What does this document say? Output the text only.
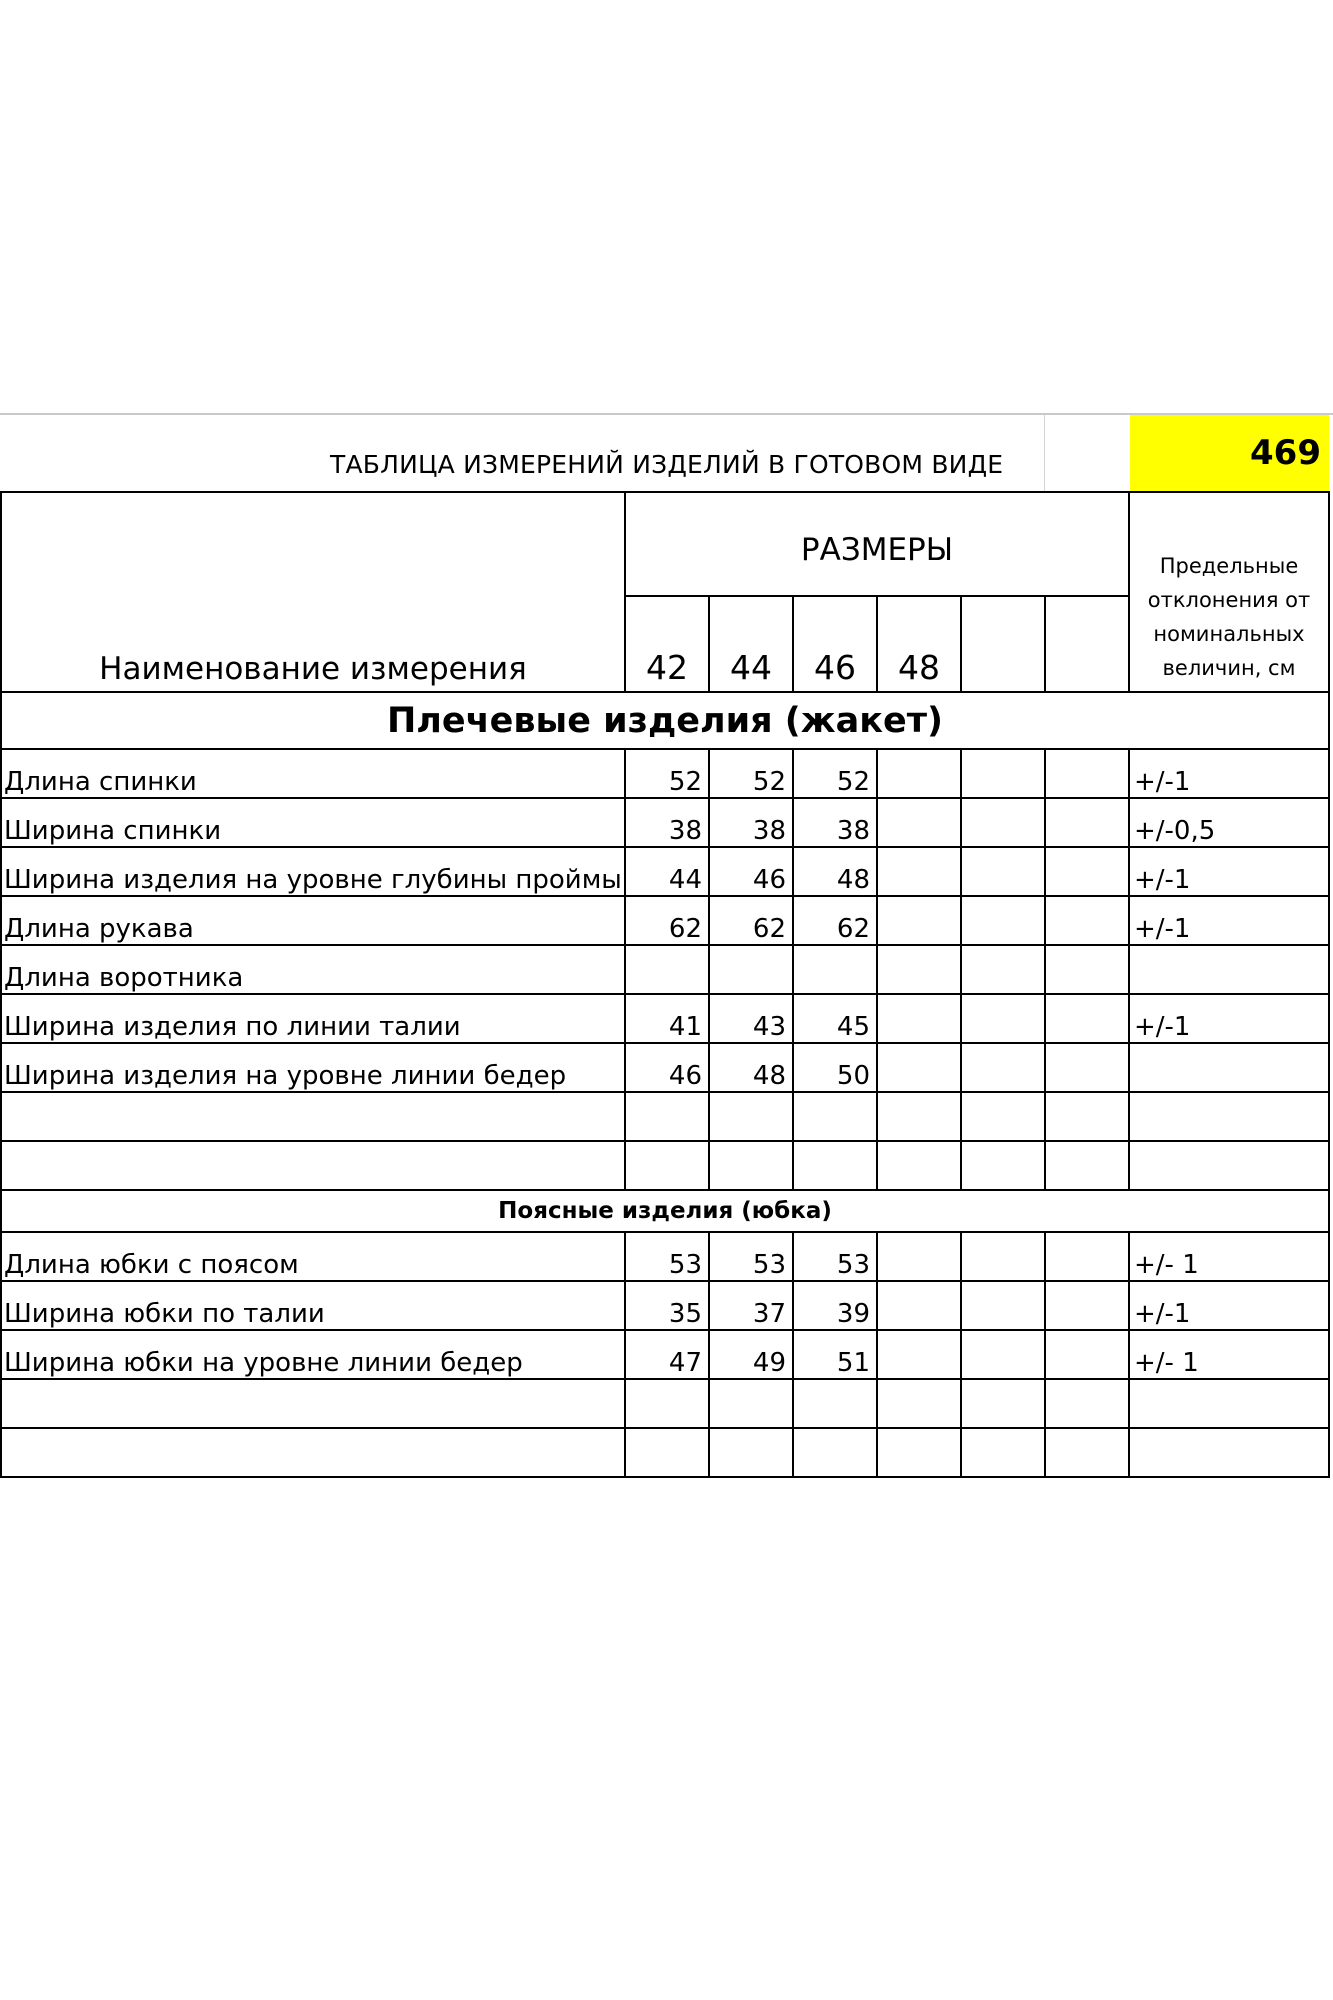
ТАБЛИЦА ИЗМЕРЕНИЙ ИЗДЕЛИЙ В ГОТОВОМ ВИДЕ	469
Наименование измерения	РАЗМЕРЫ						Предельные отклонения от номинальных величин, см
	42	44	46	48			
Плечевые изделия (жакет)							
Длина спинки	52	52	52				+/-1
Ширина спинки	38	38	38				+/-0,5
Ширина изделия на уровне глубины проймы	44	46	48				+/-1
Длина рукава	62	62	62				+/-1
Длина воротника							
Ширина изделия по линии талии	41	43	45				+/-1
Ширина изделия на уровне линии бедер	46	48	50				

Поясные изделия (юбка)							
Длина юбки с поясом	53	53	53				+/- 1
Ширина юбки по талии	35	37	39				+/-1
Ширина юбки на уровне линии бедер	47	49	51				+/- 1
